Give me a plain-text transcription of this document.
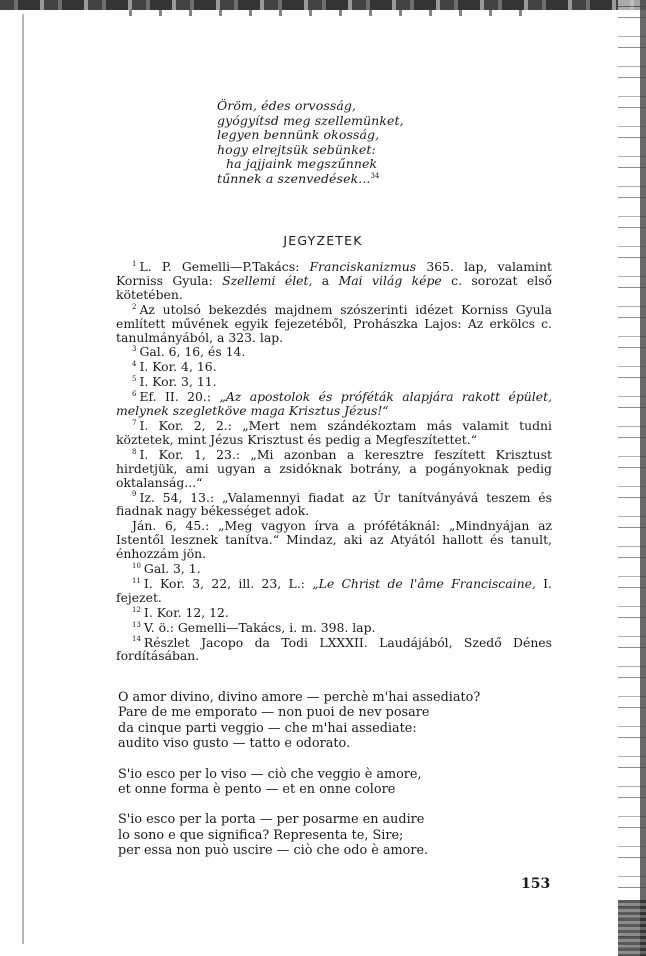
Öröm, édes orvosság,
gyógyítsd meg szellemünket,
legyen bennünk okosság,
hogy elrejtsük sebünket:
ha jajjaink megszűnnek
tűnnek a szenvedések...$^{34}$
JEGYZETEK
$^1$ L. P. Gemelli—P.Takács: Franciskanizmus 365. lap, valamint Korniss Gyula: Szellemi élet, a Mai világ képe c. sorozat első kötetében.
$^2$ Az utolsó bekezdés majdnem szószerinti idézet Korniss Gyula említett művének egyik fejezetéből, Prohászka Lajos: Az erkölcs c. tanulmányából, a 323. lap.
$^3$ Gal. 6, 16, és 14.
$^4$ I. Kor. 4, 16.
$^5$ I. Kor. 3, 11.
$^6$ Ef. II. 20.: „Az apostolok és próféták alapjára rakott épület, melynek szegletköve maga Krisztus Jézus!“
$^7$ I. Kor. 2, 2.: „Mert nem szándékoztam más valamit tudni köztetek, mint Jézus Krisztust és pedig a Megfeszítettet.“
$^8$ I. Kor. 1, 23.: „Mi azonban a keresztre feszített Krisztust hirdetjük, ami ugyan a zsidóknak botrány, a pogányoknak pedig oktalanság...“
$^9$ Iz. 54, 13.: „Valamennyi fiadat az Úr tanítványává teszem és fiadnak nagy békességet adok.
Ján. 6, 45.: „Meg vagyon írva a prófétáknál: „Mindnyájan az Istentől lesznek tanítva.“ Mindaz, aki az Atyától hallott és tanult, énhozzám jön.
$^{10}$ Gal. 3, 1.
$^{11}$ I. Kor. 3, 22, ill. 23, L.: „Le Christ de l'âme Franciscaine, I. fejezet.
$^{12}$ I. Kor. 12, 12.
$^{13}$ V. ö.: Gemelli—Takács, i. m. 398. lap.
$^{14}$ Részlet Jacopo da Todi LXXXII. Laudájából, Szedő Dénes fordításában.
O amor divino, divino amore — perchè m'hai assediato?
Pare de me emporato — non puoi de nev posare
da cinque parti veggio — che m'hai assediate:
audito viso gusto — tatto e odorato.
S'io esco per lo viso — ciò che veggio è amore,
et onne forma è pento — et en onne colore
S'io esco per la porta — per posarme en audire
lo sono e que significa? Representa te, Sire;
per essa non può uscire — ciò che odo è amore.
153
